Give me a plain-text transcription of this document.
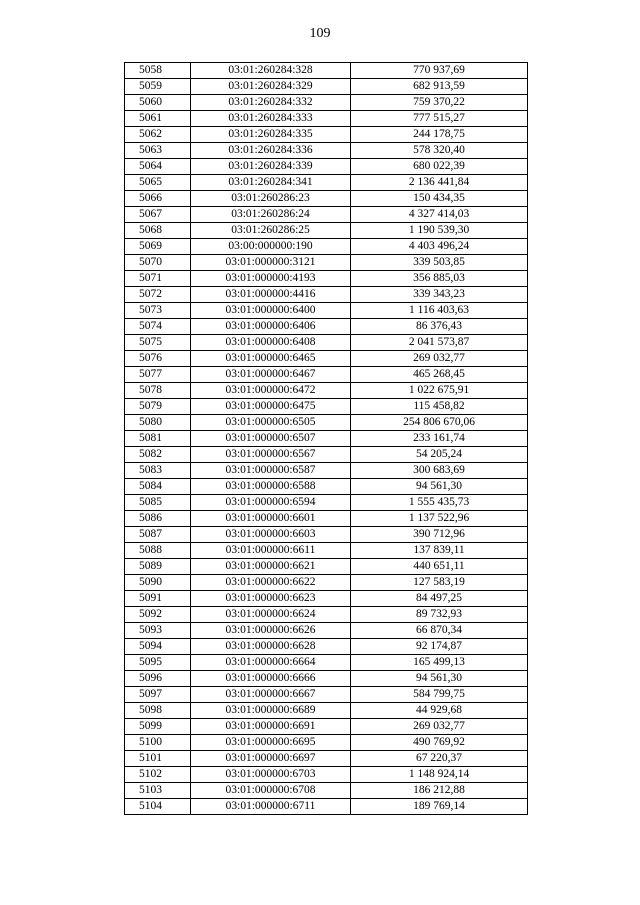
109
5058	03:01:260284:328	770 937,69
5059	03:01:260284:329	682 913,59
5060	03:01:260284:332	759 370,22
5061	03:01:260284:333	777 515,27
5062	03:01:260284:335	244 178,75
5063	03:01:260284:336	578 320,40
5064	03:01:260284:339	680 022,39
5065	03:01:260284:341	2 136 441,84
5066	03:01:260286:23	150 434,35
5067	03:01:260286:24	4 327 414,03
5068	03:01:260286:25	1 190 539,30
5069	03:00:000000:190	4 403 496,24
5070	03:01:000000:3121	339 503,85
5071	03:01:000000:4193	356 885,03
5072	03:01:000000:4416	339 343,23
5073	03:01:000000:6400	1 116 403,63
5074	03:01:000000:6406	86 376,43
5075	03:01:000000:6408	2 041 573,87
5076	03:01:000000:6465	269 032,77
5077	03:01:000000:6467	465 268,45
5078	03:01:000000:6472	1 022 675,91
5079	03:01:000000:6475	115 458,82
5080	03:01:000000:6505	254 806 670,06
5081	03:01:000000:6507	233 161,74
5082	03:01:000000:6567	54 205,24
5083	03:01:000000:6587	300 683,69
5084	03:01:000000:6588	94 561,30
5085	03:01:000000:6594	1 555 435,73
5086	03:01:000000:6601	1 137 522,96
5087	03:01:000000:6603	390 712,96
5088	03:01:000000:6611	137 839,11
5089	03:01:000000:6621	440 651,11
5090	03:01:000000:6622	127 583,19
5091	03:01:000000:6623	84 497,25
5092	03:01:000000:6624	89 732,93
5093	03:01:000000:6626	66 870,34
5094	03:01:000000:6628	92 174,87
5095	03:01:000000:6664	165 499,13
5096	03:01:000000:6666	94 561,30
5097	03:01:000000:6667	584 799,75
5098	03:01:000000:6689	44 929,68
5099	03:01:000000:6691	269 032,77
5100	03:01:000000:6695	490 769,92
5101	03:01:000000:6697	67 220,37
5102	03:01:000000:6703	1 148 924,14
5103	03:01:000000:6708	186 212,88
5104	03:01:000000:6711	189 769,14
